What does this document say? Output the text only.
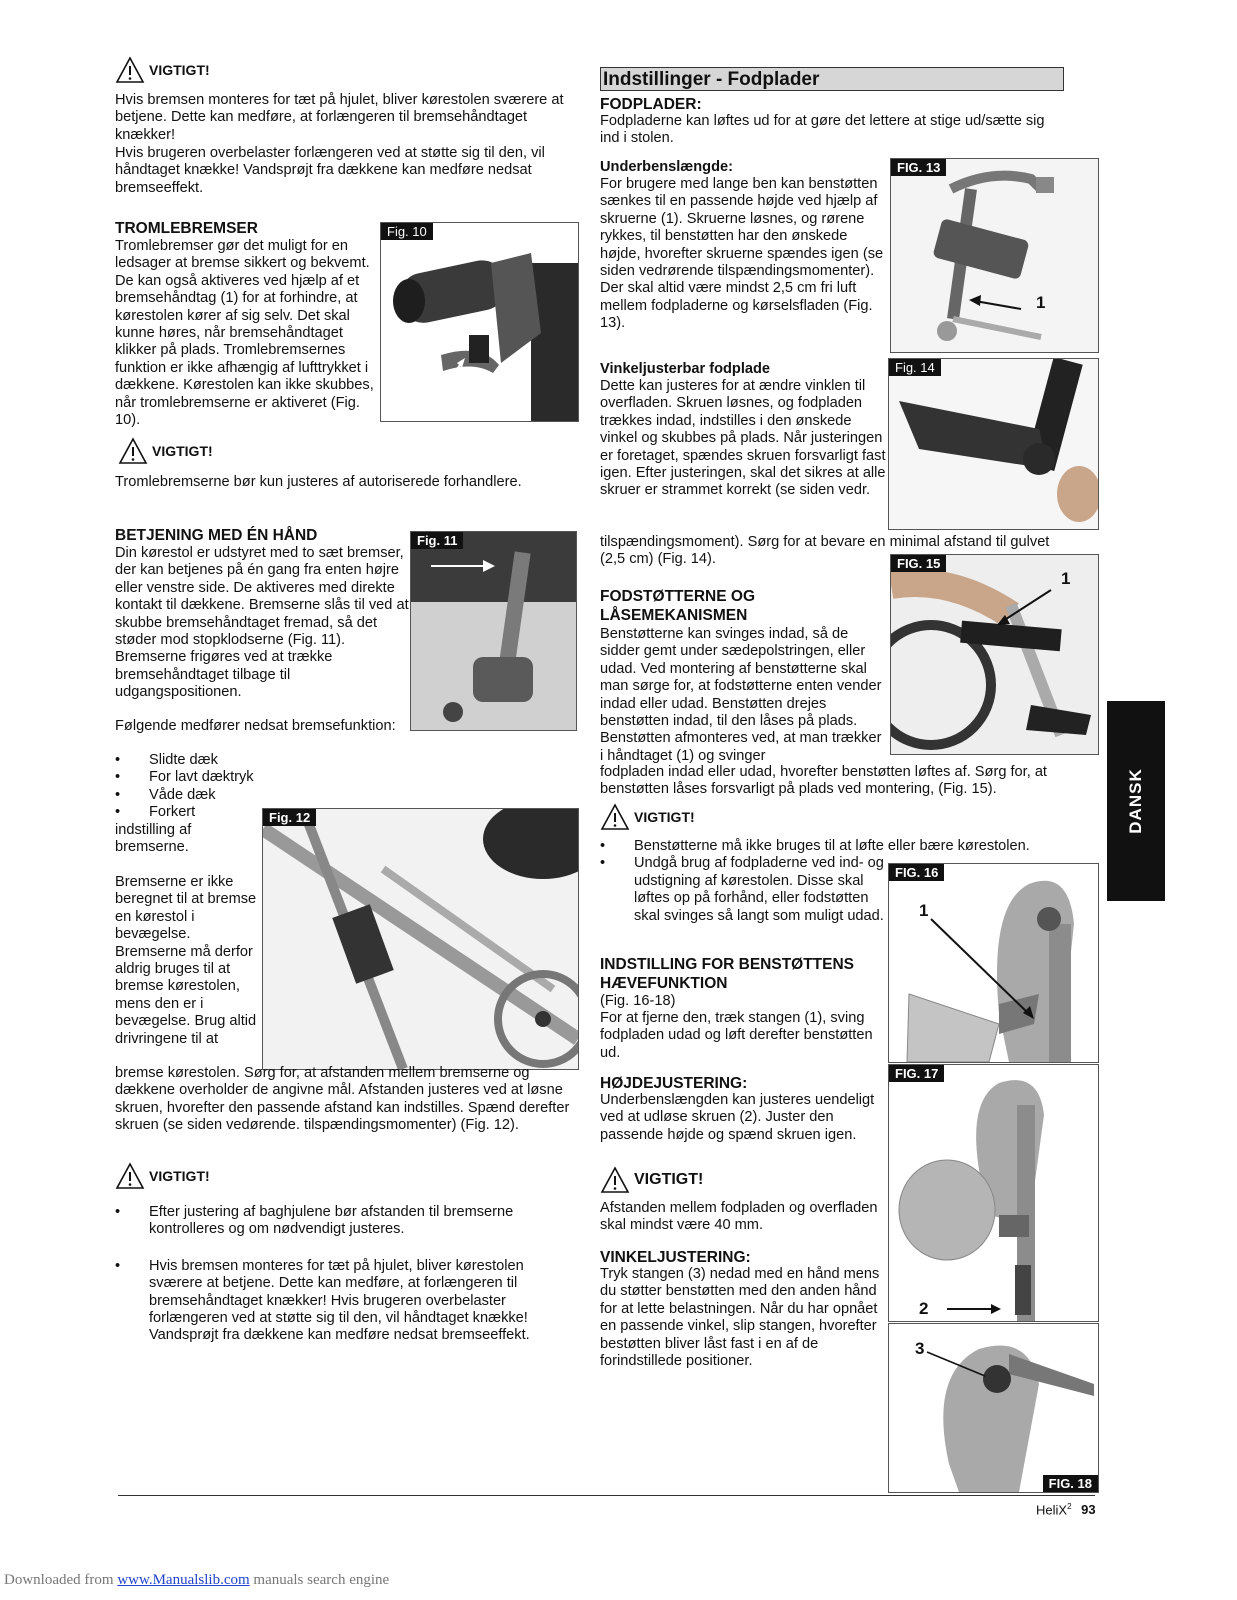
VIGTIGT!

Hvis bremsen monteres for tæt på hjulet, bliver kørestolen sværere at betjene. Dette kan medføre, at forlængeren til bremsehåndtaget knækker!

Hvis brugeren overbelaster forlængeren ved at støtte sig til den, vil håndtaget knække! Vandsprøjt fra dækkene kan medføre nedsat bremseeffekt.

TROMLEBREMSER

Tromlebremser gør det muligt for en ledsager at bremse sikkert og bekvemt. De kan også aktiveres ved hjælp af et bremsehåndtag (1) for at forhindre, at kørestolen kører af sig selv. Det skal kunne høres, når bremsehåndtaget klikker på plads. Tromlebremsernes funktion er ikke afhængig af lufttrykket i dækkene. Kørestolen kan ikke skubbes, når tromlebremserne er aktiveret (Fig. 10).

Fig. 10
1
VIGTIGT!

Tromlebremserne bør kun justeres af autoriserede forhandlere.

BETJENING MED ÉN HÅND

Din kørestol er udstyret med to sæt bremser, der kan betjenes på én gang fra enten højre eller venstre side. De aktiveres med direkte kontakt til dækkene. Bremserne slås til ved at skubbe bremsehåndtaget fremad, så det støder mod stopklodserne (Fig. 11). Bremserne frigøres ved at trække bremsehåndtaget tilbage til udgangspositionen.

Fig. 11

Følgende medfører nedsat bremsefunktion:

• Slidte dæk
• For lavt dæktryk
• Våde dæk
• Forkert

indstilling af bremserne.

Bremserne er ikke beregnet til at bremse en kørestol i bevægelse. Bremserne må derfor aldrig bruges til at bremse kørestolen, mens den er i bevægelse. Brug altid drivringene til at

Fig. 12

bremse kørestolen. Sørg for, at afstanden mellem bremserne og dækkene overholder de angivne mål. Afstanden justeres ved at løsne skruen, hvorefter den passende afstand kan indstilles. Spænd derefter skruen (se siden vedørende. tilspændingsmomenter) (Fig. 12).

VIGTIGT!
• Efter justering af baghjulene bør afstanden til bremserne kontrolleres og om nødvendigt justeres.
• Hvis bremsen monteres for tæt på hjulet, bliver kørestolen sværere at betjene. Dette kan medføre, at forlængeren til bremsehåndtaget knækker! Hvis brugeren overbelaster forlængeren ved at støtte sig til den, vil håndtaget knække! Vandsprøjt fra dækkene kan medføre nedsat bremseeffekt.
Indstillinger - Fodplader

FODPLADER:

Fodpladerne kan løftes ud for at gøre det lettere at stige ud/sætte sig ind i stolen.

Underbenslængde:

For brugere med lange ben kan benstøtten sænkes til en passende højde ved hjælp af skruerne (1). Skruerne løsnes, og rørene rykkes, til benstøtten har den ønskede højde, hvorefter skruerne spændes igen (se siden vedrørende tilspændingsmomenter). Der skal altid være mindst 2,5 cm fri luft mellem fodpladerne og kørselsfladen (Fig. 13).

FIG. 13
1

Vinkeljusterbar fodplade

Dette kan justeres for at ændre vinklen til overfladen. Skruen løsnes, og fodpladen trækkes indad, indstilles i den ønskede vinkel og skubbes på plads. Når justeringen er foretaget, spændes skruen forsvarligt fast igen. Efter justeringen, skal det sikres at alle skruer er strammet korrekt (se siden vedr.

Fig. 14

tilspændingsmoment). Sørg for at bevare en minimal afstand til gulvet (2,5 cm) (Fig. 14).

FODSTØTTERNE OG LÅSEMEKANISMEN

Benstøtterne kan svinges indad, så de sidder gemt under sædepolstringen, eller udad. Ved montering af benstøtterne skal man sørge for, at fodstøtterne enten vender indad eller udad. Benstøtten drejes benstøtten indad, til den låses på plads. Benstøtten afmonteres ved, at man trækker i håndtaget (1) og svinger

FIG. 15
1

fodpladen indad eller udad, hvorefter benstøtten løftes af. Sørg for, at benstøtten låses forsvarligt på plads ved montering, (Fig. 15).

VIGTIGT!
• Benstøtterne må ikke bruges til at løfte eller bære kørestolen.
• Undgå brug af fodpladerne ved ind- og udstigning af kørestolen. Disse skal løftes op på forhånd, eller fodstøtten skal svinges så langt som muligt udad.

INDSTILLING FOR BENSTØTTENS HÆVEFUNKTION

(Fig. 16-18)

For at fjerne den, træk stangen (1), sving fodpladen udad og løft derefter benstøtten ud.

FIG. 16
1

HØJDEJUSTERING:

Underbenslængden kan justeres uendeligt ved at udløse skruen (2). Juster den passende højde og spænd skruen igen.

FIG. 17
2
VIGTIGT!

Afstanden mellem fodpladen og overfladen skal mindst være 40 mm.

VINKELJUSTERING:

Tryk stangen (3) nedad med en hånd mens du støtter benstøtten med den anden hånd for at lette belastningen. Når du har opnået en passende vinkel, slip stangen, hvorefter bestøtten bliver låst fast i en af de forindstillede positioner.

FIG. 18
3
DANSK
HeliX$^2$ 93
Downloaded from www.Manualslib.com manuals search engine
